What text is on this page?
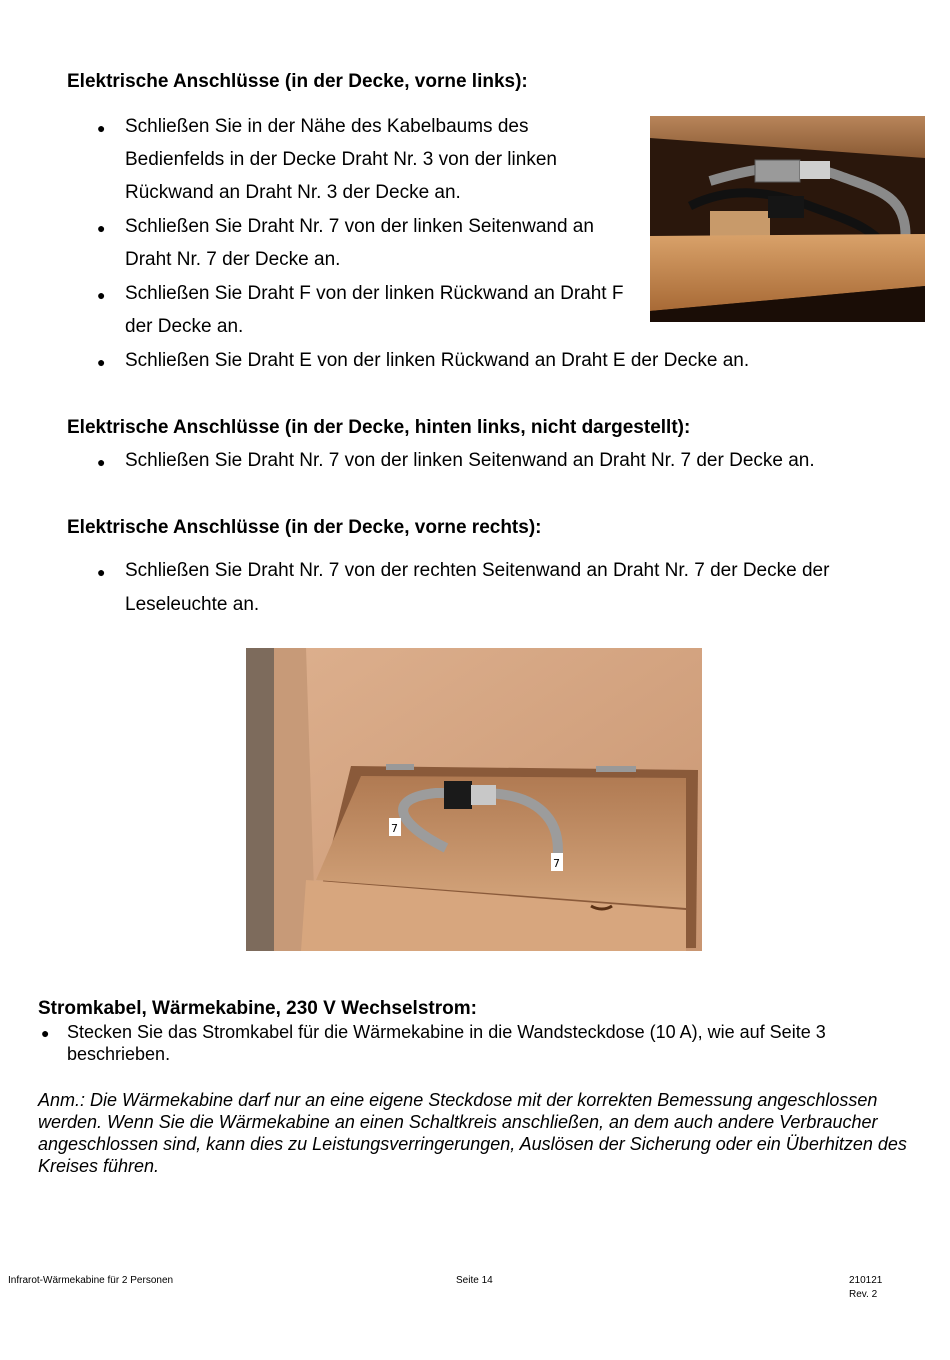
Elektrische Anschlüsse (in der Decke, vorne links):
● Schließen Sie in der Nähe des Kabelbaums des
Bedienfelds in der Decke Draht Nr. 3 von der linken
Rückwand an Draht Nr. 3 der Decke an.
● Schließen Sie Draht Nr. 7 von der linken Seitenwand an
Draht Nr. 7 der Decke an.
● Schließen Sie Draht F von der linken Rückwand an Draht F
der Decke an.
● Schließen Sie Draht E von der linken Rückwand an Draht E der Decke an.
Elektrische Anschlüsse (in der Decke, hinten links, nicht dargestellt):
● Schließen Sie Draht Nr. 7 von der linken Seitenwand an Draht Nr. 7 der Decke an.
Elektrische Anschlüsse (in der Decke, vorne rechts):
● Schließen Sie Draht Nr. 7 von der rechten Seitenwand an Draht Nr. 7 der Decke der
Leseleuchte an.
7
7
Stromkabel, Wärmekabine, 230 V Wechselstrom:
● Stecken Sie das Stromkabel für die Wärmekabine in die Wandsteckdose (10 A), wie auf Seite 3 beschrieben.
Anm.: Die Wärmekabine darf nur an eine eigene Steckdose mit der korrekten Bemessung angeschlossen werden. Wenn Sie die Wärmekabine an einen Schaltkreis anschließen, an dem auch andere Verbraucher angeschlossen sind, kann dies zu Leistungsverringerungen, Auslösen der Sicherung oder ein Überhitzen des Kreises führen.
Infrarot-Wärmekabine für 2 Personen	Seite 14	210121
Rev. 2
